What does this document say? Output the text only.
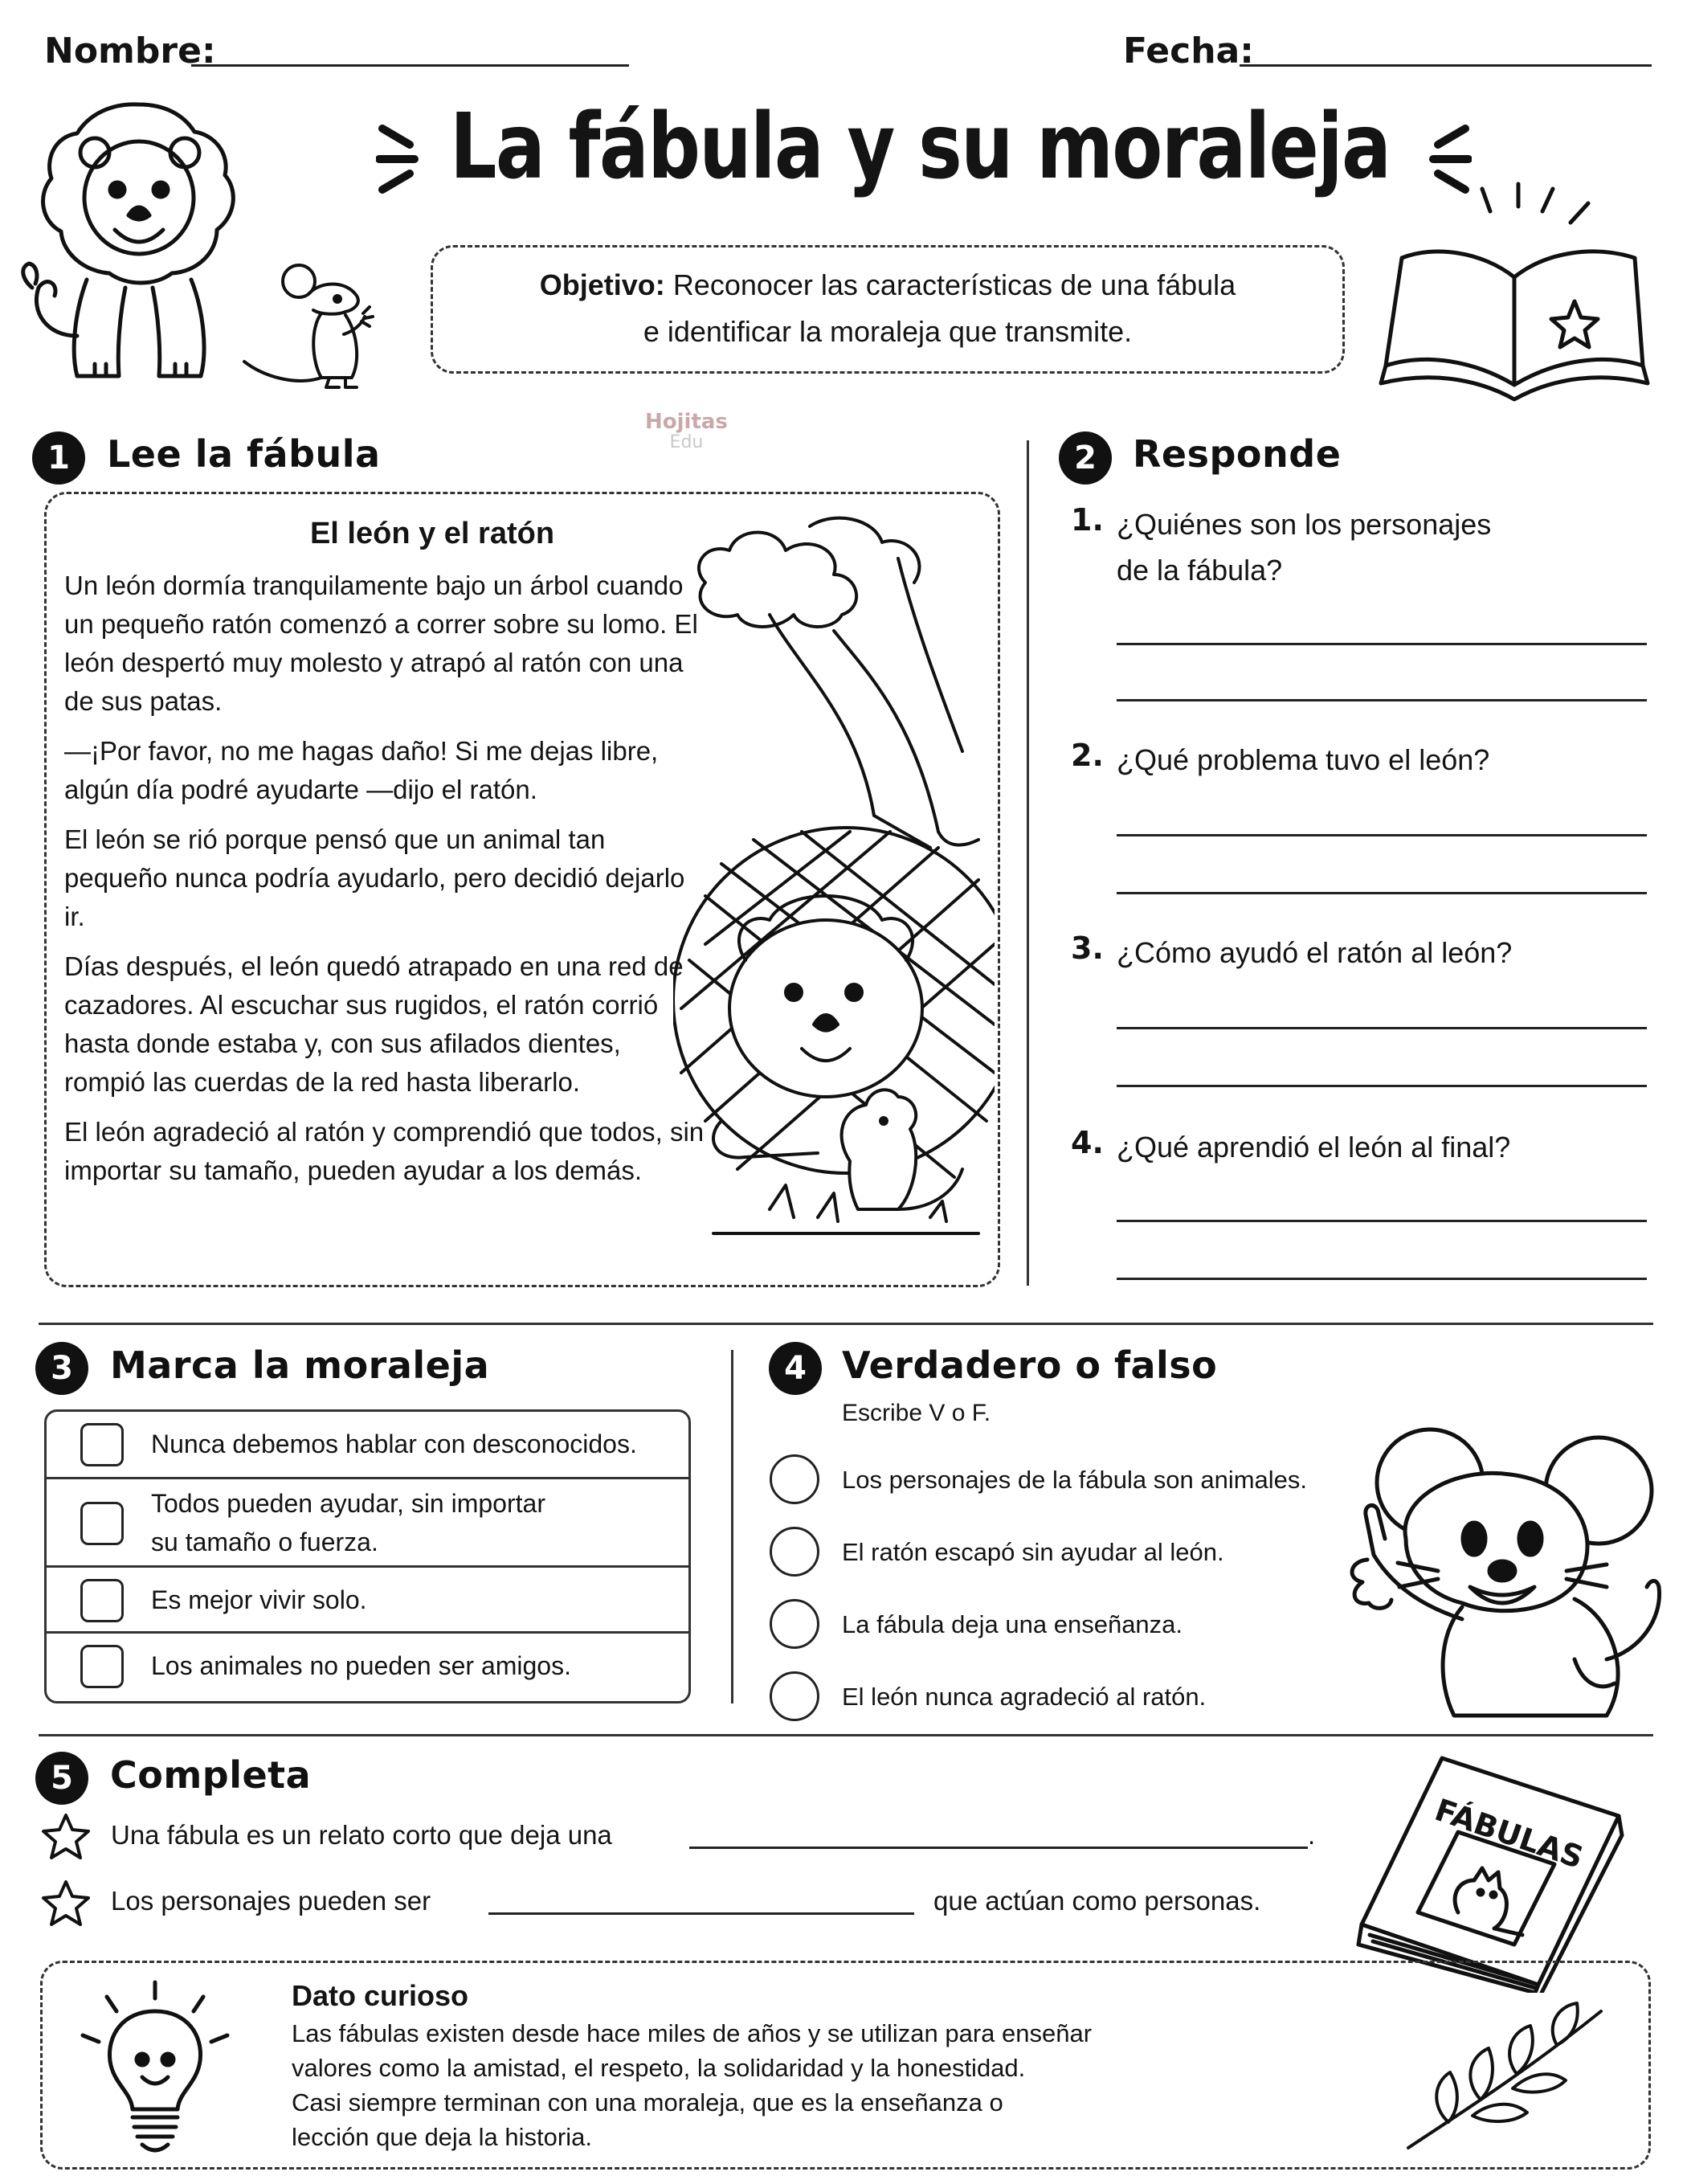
Nombre:	Fecha:
La fábula y su moraleja
Objetivo: Reconocer las características de una fábula
e identificar la moraleja que transmite.
Hojitas
Edu
1	Lee la fábula
El león y el ratón

Un león dormía tranquilamente bajo un árbol cuando un pequeño ratón comenzó a correr sobre su lomo. El león despertó muy molesto y atrapó al ratón con una de sus patas.

—¡Por favor, no me hagas daño! Si me dejas libre, algún día podré ayudarte —dijo el ratón.

El león se rió porque pensó que un animal tan pequeño nunca podría ayudarlo, pero decidió dejarlo ir.

Días después, el león quedó atrapado en una red de cazadores. Al escuchar sus rugidos, el ratón corrió hasta donde estaba y, con sus afilados dientes, rompió las cuerdas de la red hasta liberarlo.

El león agradeció al ratón y comprendió que todos, sin importar su tamaño, pueden ayudar a los demás.

2 Responde
1. ¿Quiénes son los personajes
de la fábula?
2. ¿Qué problema tuvo el león?
3. ¿Cómo ayudó el ratón al león?
4. ¿Qué aprendió el león al final?
3	Marca la moraleja
Nunca debemos hablar con desconocidos.
Todos pueden ayudar, sin importar
su tamaño o fuerza.
Es mejor vivir solo.
Los animales no pueden ser amigos.
4 Verdadero o falso
Escribe V o F.
Los personajes de la fábula son animales.
El ratón escapó sin ayudar al león.
La fábula deja una enseñanza.
El león nunca agradeció al ratón.
5	Completa
Una fábula es un relato corto que deja una	.
Los personajes pueden ser	que actúan como personas.
FÁBULAS
Dato curioso
Las fábulas existen desde hace miles de años y se utilizan para enseñar
valores como la amistad, el respeto, la solidaridad y la honestidad.
Casi siempre terminan con una moraleja, que es la enseñanza o
lección que deja la historia.
